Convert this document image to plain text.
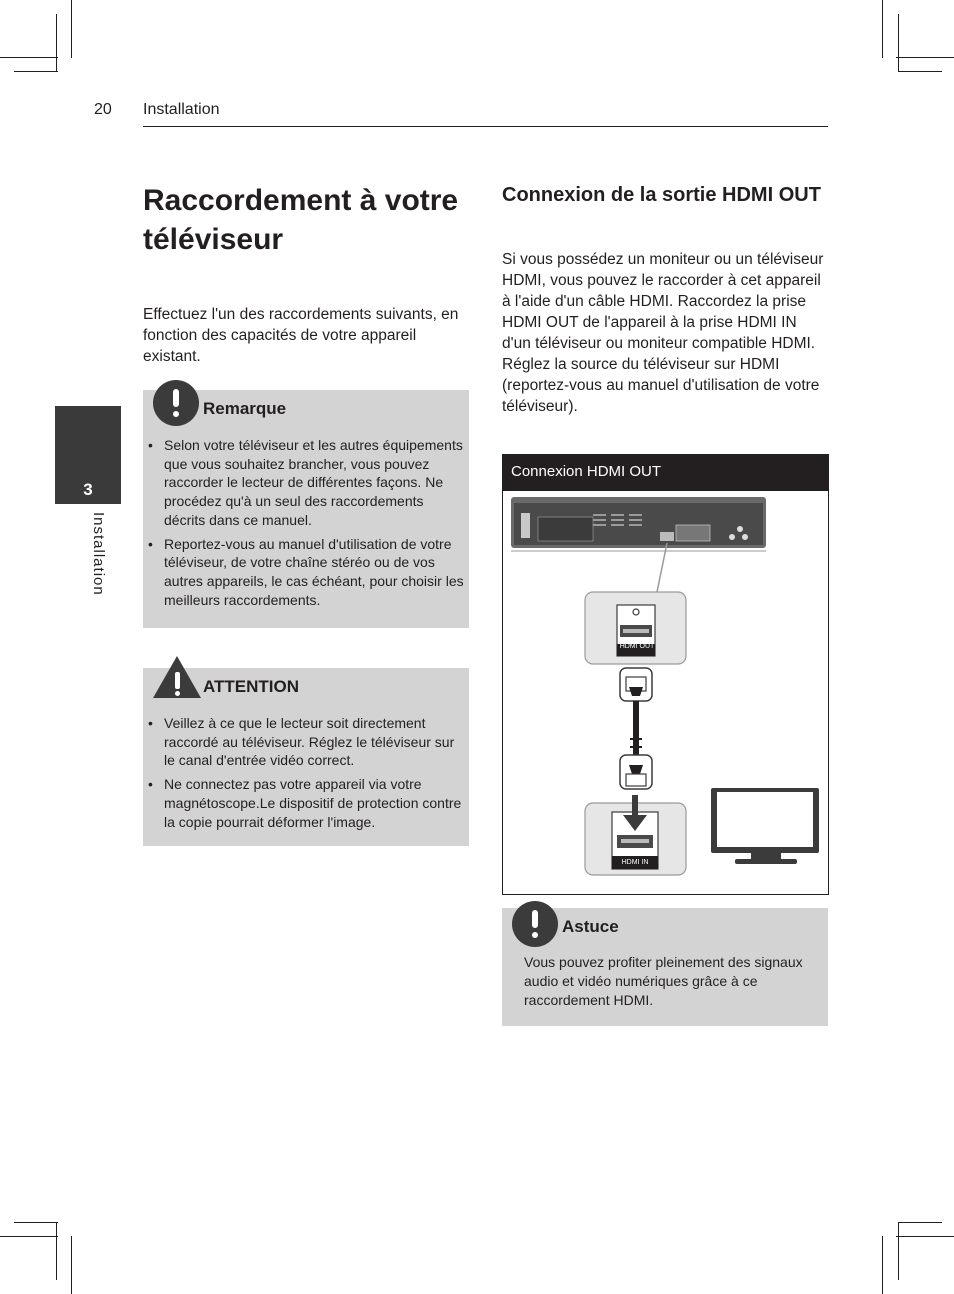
20 Installation
3
Installation
Raccordement à votre téléviseur
Effectuez l'un des raccordements suivants, en fonction des capacités de votre appareil existant.
Remarque
• Selon votre téléviseur et les autres équipements que vous souhaitez brancher, vous pouvez raccorder le lecteur de différentes façons. Ne procédez qu'à un seul des raccordements décrits dans ce manuel.
• Reportez-vous au manuel d'utilisation de votre téléviseur, de votre chaîne stéréo ou de vos autres appareils, le cas échéant, pour choisir les meilleurs raccordements.
ATTENTION
• Veillez à ce que le lecteur soit directement raccordé au téléviseur. Réglez le téléviseur sur le canal d'entrée vidéo correct.
• Ne connectez pas votre appareil via votre magnétoscope.Le dispositif de protection contre la copie pourrait déformer l'image.
Connexion de la sortie HDMI OUT
Si vous possédez un moniteur ou un téléviseur HDMI, vous pouvez le raccorder à cet appareil à l'aide d'un câble HDMI. Raccordez la prise HDMI OUT de l'appareil à la prise HDMI IN d'un téléviseur ou moniteur compatible HDMI.
Réglez la source du téléviseur sur HDMI (reportez-vous au manuel d'utilisation de votre téléviseur).
Connexion HDMI OUT
HDMI OUT
HDMI IN
Astuce
Vous pouvez profiter pleinement des signaux audio et vidéo numériques grâce à ce raccordement HDMI.
